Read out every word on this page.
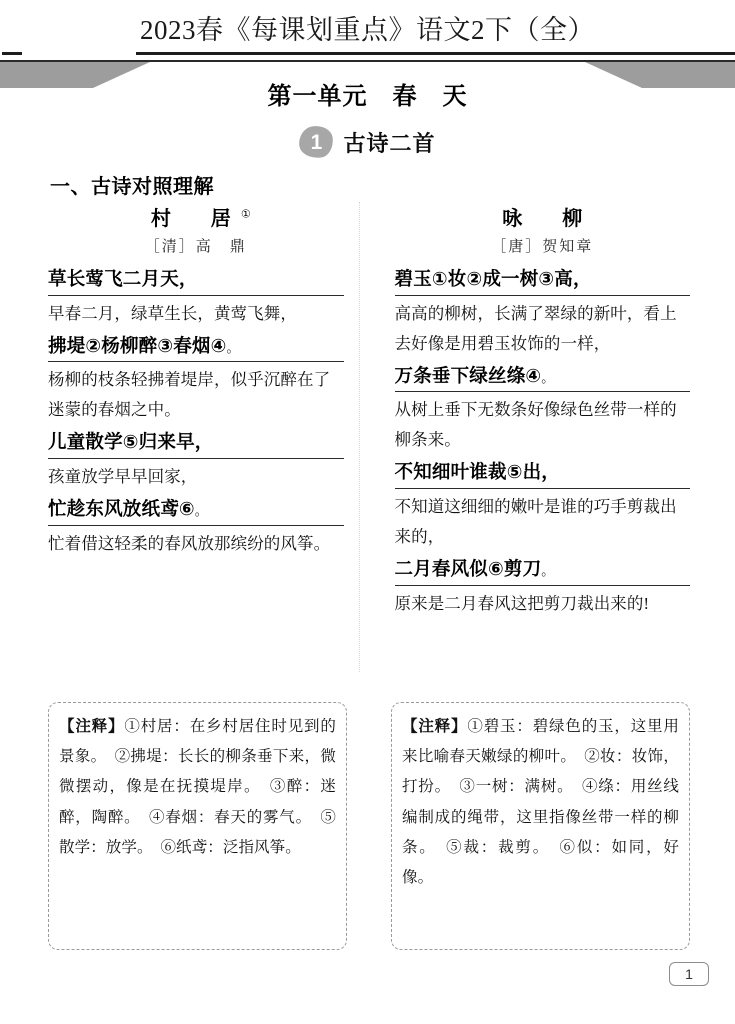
2023春《每课划重点》语文2下（全）
第一单元　春　天
1 古诗二首
一、古诗对照理解
村　居①
［清］高　鼎
草长莺飞二月天，
早春二月，绿草生长，黄莺飞舞，
拂堤②杨柳醉③春烟④。
杨柳的枝条轻拂着堤岸，似乎沉醉在了迷蒙的春烟之中。
儿童散学⑤归来早，
孩童放学早早回家，
忙趁东风放纸鸢⑥。
忙着借这轻柔的春风放那缤纷的风筝。
咏　柳
［唐］贺知章
碧玉①妆②成一树③高，
高高的柳树，长满了翠绿的新叶，看上去好像是用碧玉妆饰的一样，
万条垂下绿丝绦④。
从树上垂下无数条好像绿色丝带一样的柳条来。
不知细叶谁裁⑤出，
不知道这细细的嫩叶是谁的巧手剪裁出来的，
二月春风似⑥剪刀。
原来是二月春风这把剪刀裁出来的!
【注释】①村居：在乡村居住时见到的景象。　②拂堤：长长的柳条垂下来，微微摆动，像是在抚摸堤岸。　③醉：迷醉，陶醉。　④春烟：春天的雾气。　⑤散学：放学。　⑥纸鸢：泛指风筝。
【注释】①碧玉：碧绿色的玉，这里用来比喻春天嫩绿的柳叶。　②妆：妆饰，打扮。　③一树：满树。　④绦：用丝线编制成的绳带，这里指像丝带一样的柳条。　⑤裁：裁剪。　⑥似：如同，好像。
1
